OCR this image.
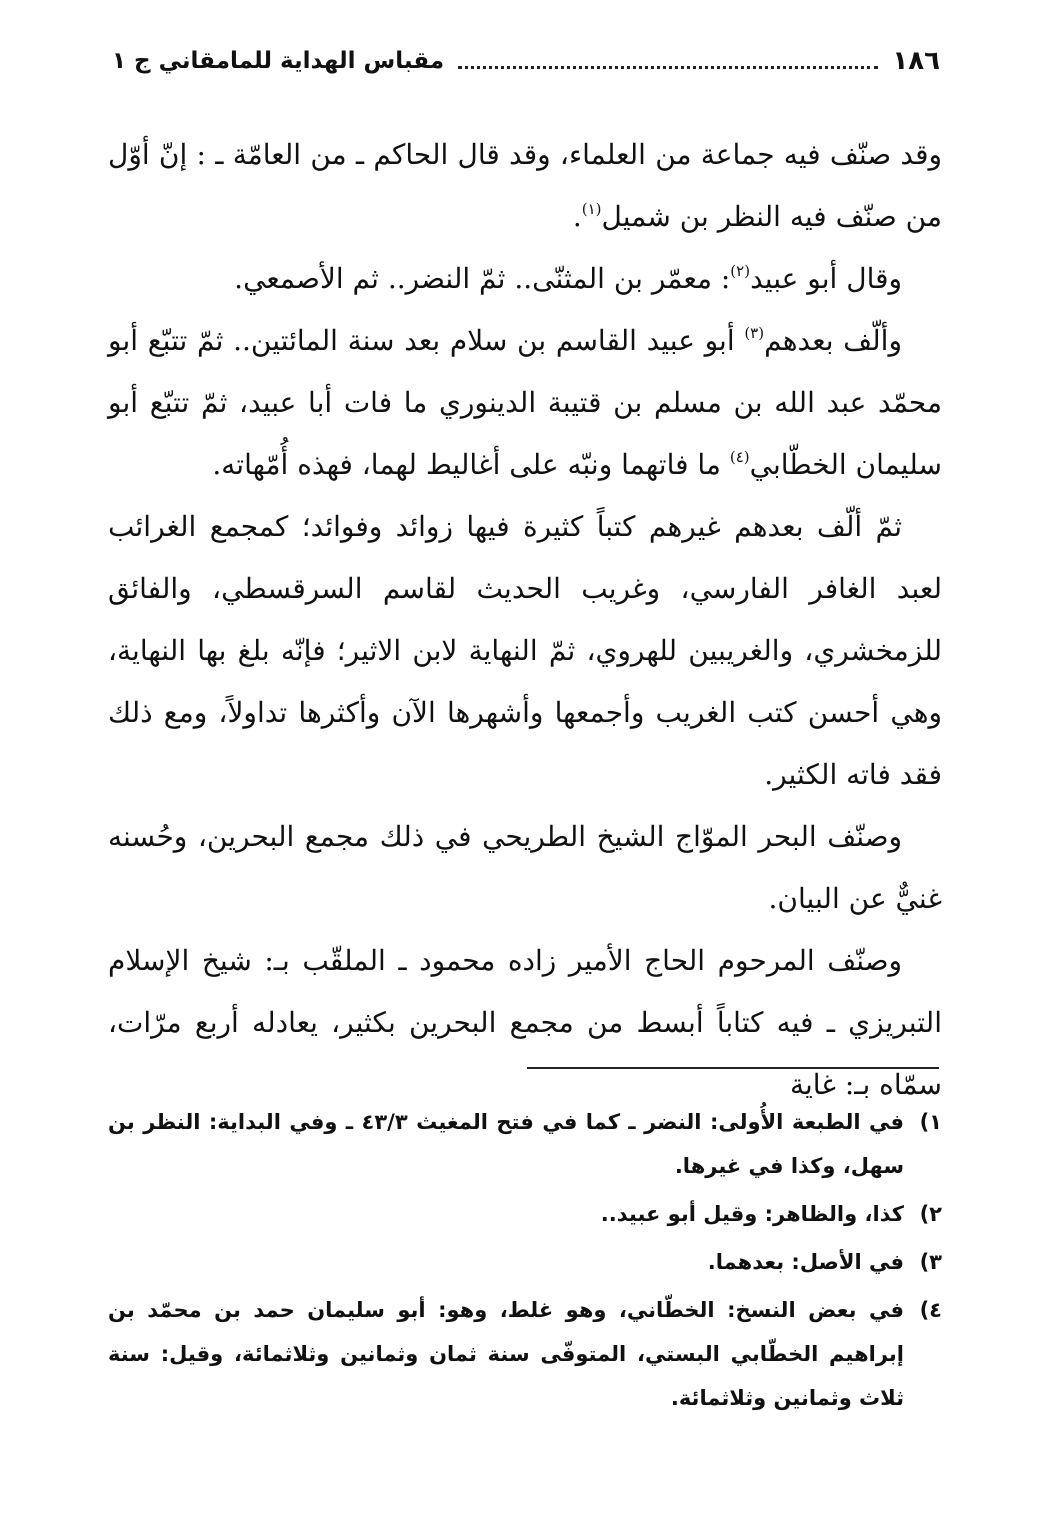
١٨٦
مقباس الهداية للمامقاني ج ١

وقد صنّف فيه جماعة من العلماء، وقد قال الحاكم ـ من العامّة ـ : إنّ أوّل من صنّف فيه النظر بن شميل$^{(١)}$.

وقال أبو عبيد$^{(٢)}$: معمّر بن المثنّى.. ثمّ النضر.. ثم الأصمعي.

وألّف بعدهم$^{(٣)}$ أبو عبيد القاسم بن سلام بعد سنة المائتين.. ثمّ تتبّع أبو محمّد عبد الله بن مسلم بن قتيبة الدينوري ما فات أبا عبيد، ثمّ تتبّع أبو سليمان الخطّابي$^{(٤)}$ ما فاتهما ونبّه على أغاليط لهما، فهذه أُمّهاته.

ثمّ ألّف بعدهم غيرهم كتباً كثيرة فيها زوائد وفوائد؛ كمجمع الغرائب لعبد الغافر الفارسي، وغريب الحديث لقاسم السرقسطي، والفائق للزمخشري، والغريبين للهروي، ثمّ النهاية لابن الاثير؛ فإنّه بلغ بها النهاية، وهي أحسن كتب الغريب وأجمعها وأشهرها الآن وأكثرها تداولاً، ومع ذلك فقد فاته الكثير.

وصنّف البحر الموّاج الشيخ الطريحي في ذلك مجمع البحرين، وحُسنه غنيٌّ عن البيان.

وصنّف المرحوم الحاج الأمير زاده محمود ـ الملقّب بـ: شيخ الإسلام التبريزي ـ فيه كتاباً أبسط من مجمع البحرين بكثير، يعادله أربع مرّات، سمّاه بـ: غاية

١)
في الطبعة الأُولى: النضر ـ كما في فتح المغيث ٤٣/٣ ـ وفي البداية: النظر بن سهل، وكذا في غيرها.
٢)
كذا، والظاهر: وقيل أبو عبيد..
٣)
في الأصل: بعدهما.
٤)
في بعض النسخ: الخطّاني، وهو غلط، وهو: أبو سليمان حمد بن محمّد بن إبراهيم الخطّابي البستي، المتوفّى سنة ثمان وثمانين وثلاثمائة، وقيل: سنة ثلاث وثمانين وثلاثمائة.
